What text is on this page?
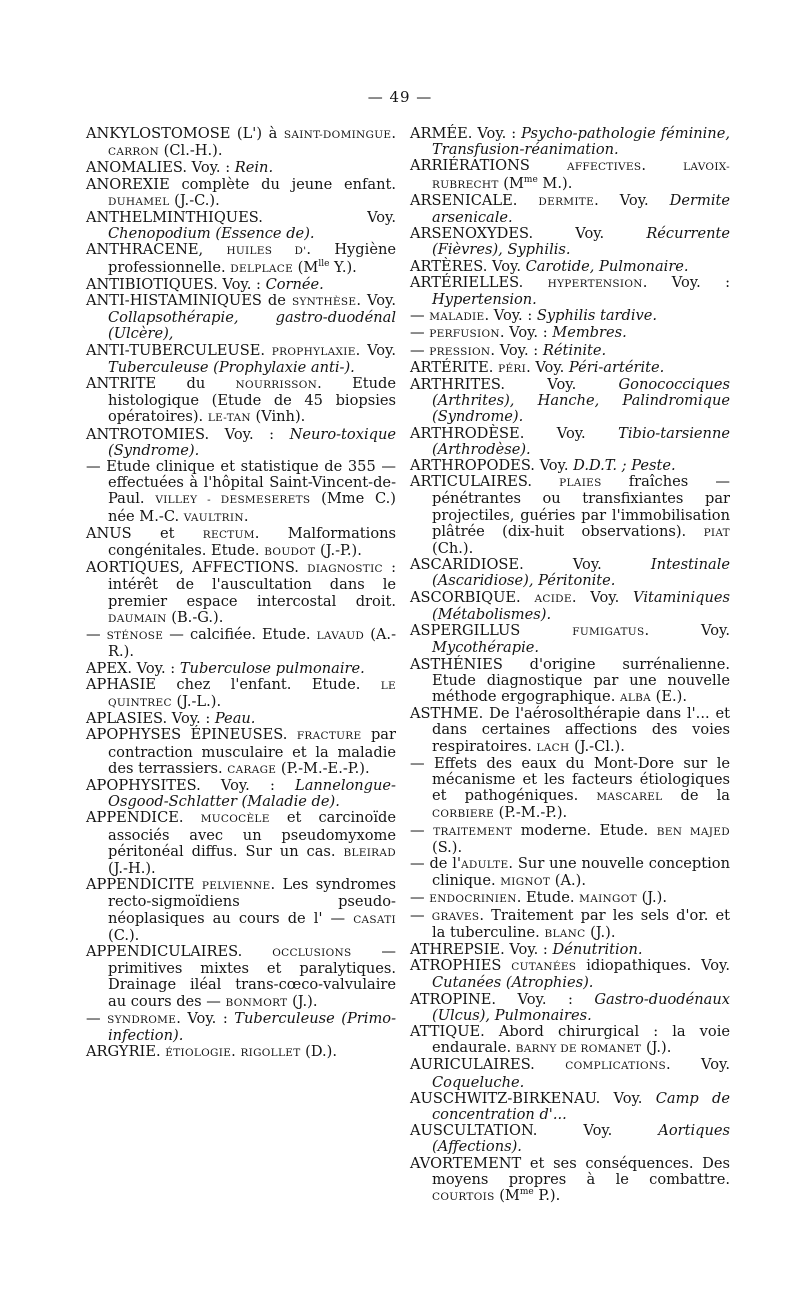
— 49 —

ANKYLOSTOMOSE (L') à SAINT-DOMINGUE. CARRON (Cl.-H.).

ANOMALIES. Voy. : Rein.

ANOREXIE complète du jeune enfant. DUHAMEL (J.-C.).

ANTHELMINTHIQUES. Voy. Chenopodium (Essence de).

ANTHRACENE, HUILES D'. Hygiène professionnelle. DELPLACE ($M^{lle}$ Y.).

ANTIBIOTIQUES. Voy. : Cornée.

ANTI-HISTAMINIQUES de SYNTHÈSE. Voy. Collapsothérapie, gastro-duodénal (Ulcère),

ANTI-TUBERCULEUSE. PROPHYLAXIE. Voy. Tuberculeuse (Prophylaxie anti-).

ANTRITE du NOURRISSON. Etude histologique (Etude de 45 biopsies opératoires). LE-TAN (Vinh).

ANTROTOMIES. Voy. : Neuro-toxique (Syndrome).

— Etude clinique et statistique de 355 — effectuées à l'hôpital Saint-Vincent-de-Paul. VILLEY - DESMESERETS (Mme C.) née M.-C. VAULTRIN.

ANUS et RECTUM. Malformations congénitales. Etude. BOUDOT (J.-P.).

AORTIQUES, AFFECTIONS. DIAGNOSTIC : intérêt de l'auscultation dans le premier espace intercostal droit. DAUMAIN (B.-G.).

— STÉNOSE — calcifiée. Etude. LAVAUD (A.-R.).

APEX. Voy. : Tuberculose pulmonaire.

APHASIE chez l'enfant. Etude. LE QUINTREC (J.-L.).

APLASIES. Voy. : Peau.

APOPHYSES ÉPINEUSES. FRACTURE par contraction musculaire et la maladie des terrassiers. CARAGE (P.-M.-E.-P.).

APOPHYSITES. Voy. : Lannelongue-Osgood-Schlatter (Maladie de).

APPENDICE. MUCOCÈLE et carcinoïde associés avec un pseudomyxome péritonéal diffus. Sur un cas. BLEIRAD (J.-H.).

APPENDICITE PELVIENNE. Les syndromes recto-sigmoïdiens pseudo-néoplasiques au cours de l' — CASATI (C.).

APPENDICULAIRES. OCCLUSIONS — primitives mixtes et paralytiques. Drainage iléal trans-cœco-valvulaire au cours des — BONMORT (J.).

— SYNDROME. Voy. : Tuberculeuse (Primo-infection).

ARGYRIE. ÉTIOLOGIE. RIGOLLET (D.).

ARMÉE. Voy. : Psycho-pathologie féminine, Transfusion-réanimation.

ARRIÉRATIONS AFFECTIVES. LAVOIX-RUBRECHT ($M^{me}$ M.).

ARSENICALE. DERMITE. Voy. Dermite arsenicale.

ARSENOXYDES. Voy. Récurrente (Fièvres), Syphilis.

ARTÈRES. Voy. Carotide, Pulmonaire.

ARTÉRIELLES. HYPERTENSION. Voy. : Hypertension.

— MALADIE. Voy. : Syphilis tardive.

— PERFUSION. Voy. : Membres.

— PRESSION. Voy. : Rétinite.

ARTÉRITE. PÉRI. Voy. Péri-artérite.

ARTHRITES. Voy. Gonococciques (Arthrites), Hanche, Palindromique (Syndrome).

ARTHRODÈSE. Voy. Tibio-tarsienne (Arthrodèse).

ARTHROPODES. Voy. D.D.T. ; Peste.

ARTICULAIRES. PLAIES fraîches — pénétrantes ou transfixiantes par projectiles, guéries par l'immobilisation plâtrée (dix-huit observations). PIAT (Ch.).

ASCARIDIOSE. Voy. Intestinale (Ascaridiose), Péritonite.

ASCORBIQUE. ACIDE. Voy. Vitaminiques (Métabolismes).

ASPERGILLUS FUMIGATUS. Voy. Mycothérapie.

ASTHÉNIES d'origine surrénalienne. Etude diagnostique par une nouvelle méthode ergographique. ALBA (E.).

ASTHME. De l'aérosolthérapie dans l'... et dans certaines affections des voies respiratoires. LACH (J.-Cl.).

— Effets des eaux du Mont-Dore sur le mécanisme et les facteurs étiologiques et pathogéniques. MASCAREL de la CORBIERE (P.-M.-P.).

— TRAITEMENT moderne. Etude. BEN MAJED (S.).

— de l'ADULTE. Sur une nouvelle conception clinique. MIGNOT (A.).

— ENDOCRINIEN. Etude. MAINGOT (J.).

— GRAVES. Traitement par les sels d'or. et la tuberculine. BLANC (J.).

ATHREPSIE. Voy. : Dénutrition.

ATROPHIES CUTANÉES idiopathiques. Voy. Cutanées (Atrophies).

ATROPINE. Voy. : Gastro-duodénaux (Ulcus), Pulmonaires.

ATTIQUE. Abord chirurgical : la voie endaurale. BARNY DE ROMANET (J.).

AURICULAIRES. COMPLICATIONS. Voy. Coqueluche.

AUSCHWITZ-BIRKENAU. Voy. Camp de concentration d'...

AUSCULTATION. Voy. Aortiques (Affections).

AVORTEMENT et ses conséquences. Des moyens propres à le combattre. COURTOIS ($M^{me}$ P.).
